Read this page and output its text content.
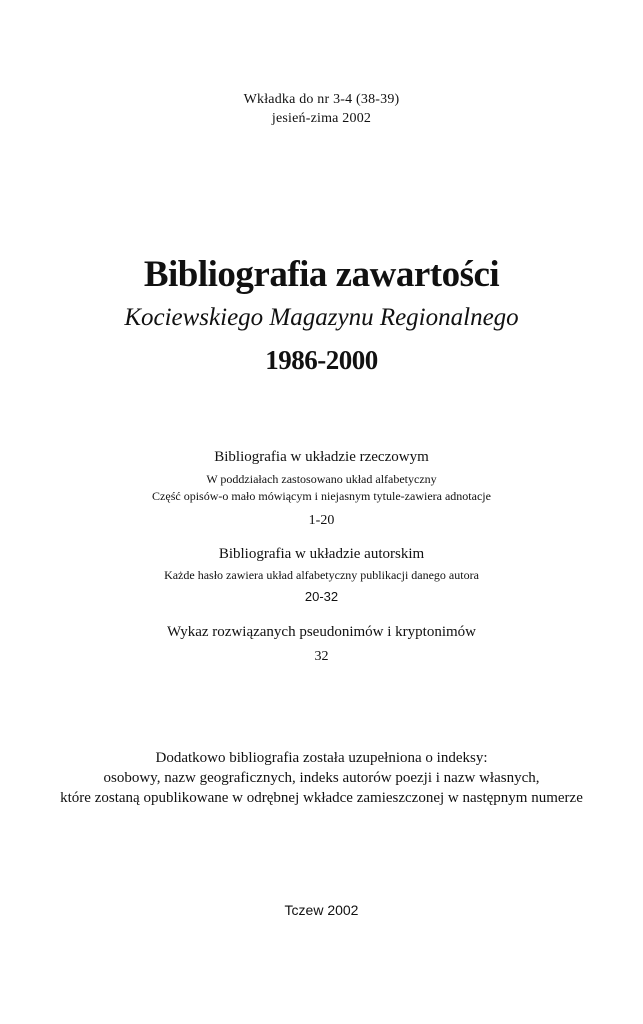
Wkładka do nr 3-4 (38-39)
jesień-zima 2002
Bibliografia zawartości
Kociewskiego Magazynu Regionalnego
1986-2000
Bibliografia w układzie rzeczowym
W poddziałach zastosowano układ alfabetyczny
Część opisów-o mało mówiącym i niejasnym tytule-zawiera adnotacje
1-20
Bibliografia w układzie autorskim
Każde hasło zawiera układ alfabetyczny publikacji danego autora
20-32
Wykaz rozwiązanych pseudonimów i kryptonimów
32
Dodatkowo bibliografia została uzupełniona o indeksy:
osobowy, nazw geograficznych, indeks autorów poezji i nazw własnych,
które zostaną opublikowane w odrębnej wkładce zamieszczonej w następnym numerze
Tczew 2002
